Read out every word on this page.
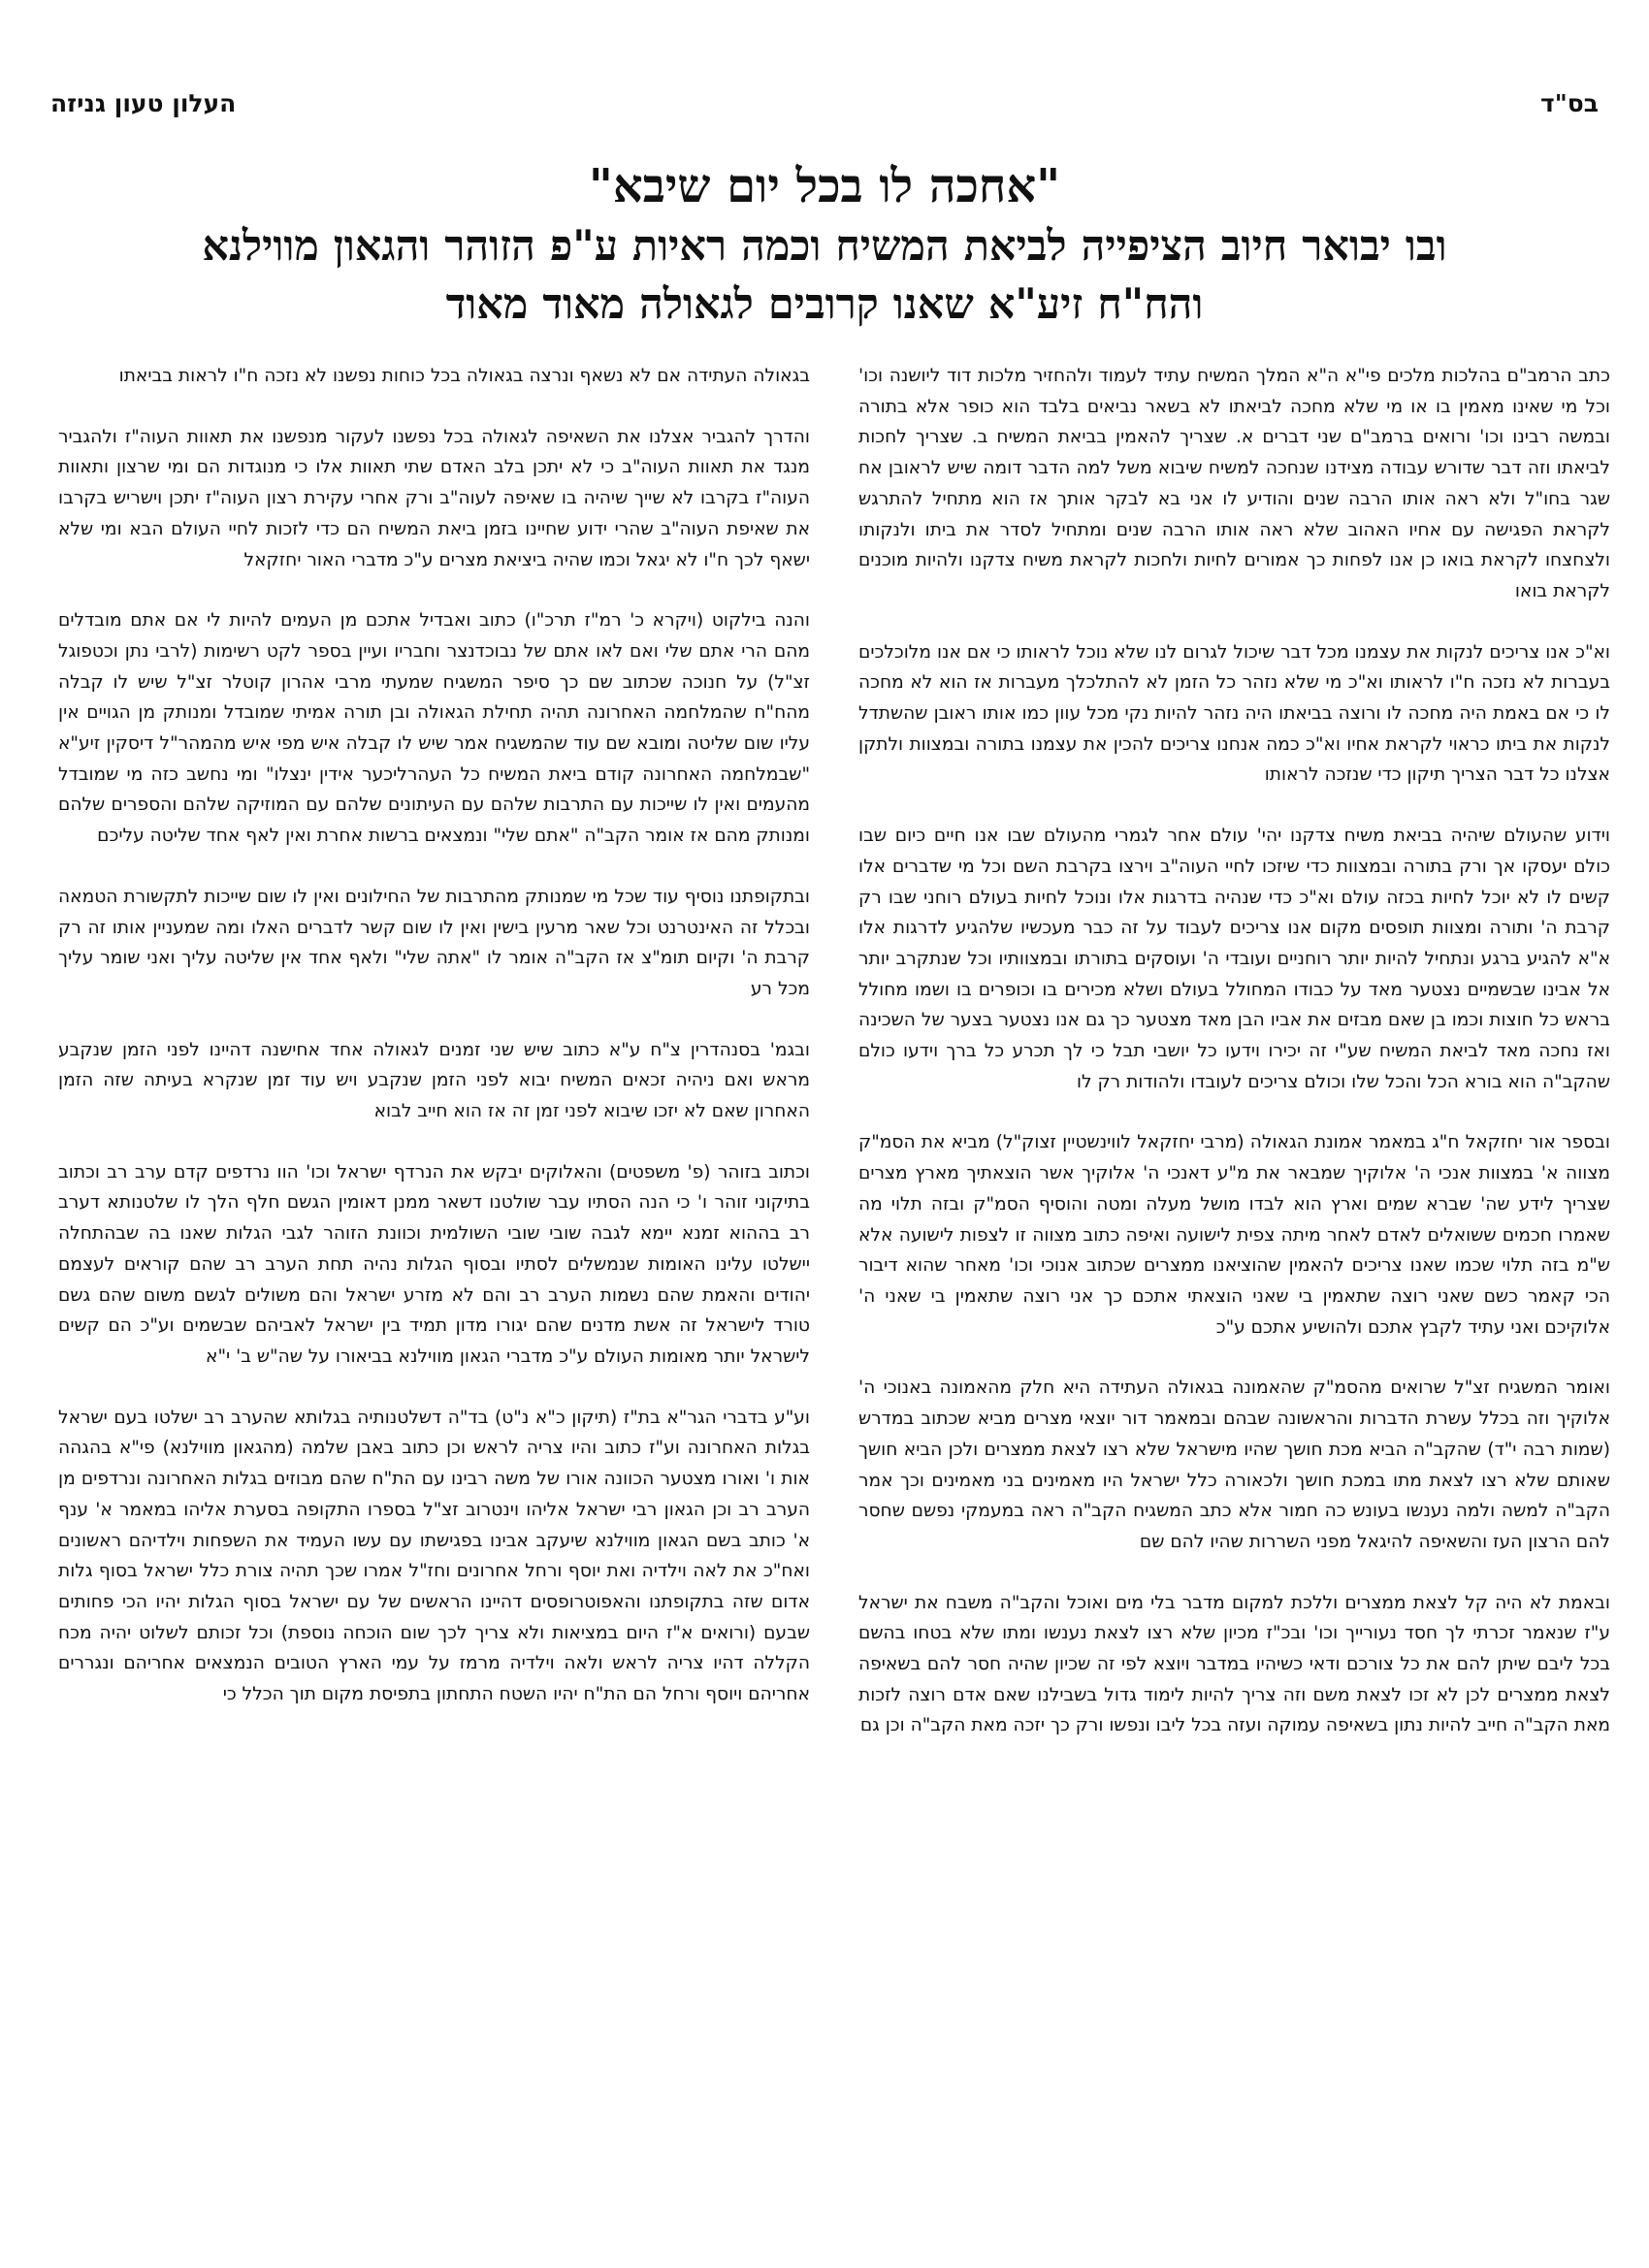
בס"ד
העלון טעון גניזה
"אחכה לו בכל יום שיבא"
ובו יבואר חיוב הציפייה לביאת המשיח וכמה ראיות ע"פ הזוהר והגאון מווילנא
והח"ח זיע"א שאנו קרובים לגאולה מאוד מאוד

כתב הרמב"ם בהלכות מלכים פי"א ה"א המלך המשיח עתיד לעמוד ולהחזיר מלכות דוד ליושנה וכו' וכל מי שאינו מאמין בו או מי שלא מחכה לביאתו לא בשאר נביאים בלבד הוא כופר אלא בתורה ובמשה רבינו וכו' ורואים ברמב"ם שני דברים א. שצריך להאמין בביאת המשיח ב. שצריך לחכות לביאתו וזה דבר שדורש עבודה מצידנו שנחכה למשיח שיבוא משל למה הדבר דומה שיש לראובן אח שגר בחו"ל ולא ראה אותו הרבה שנים והודיע לו אני בא לבקר אותך אז הוא מתחיל להתרגש לקראת הפגישה עם אחיו האהוב שלא ראה אותו הרבה שנים ומתחיל לסדר את ביתו ולנקותו ולצחצחו לקראת בואו כן אנו לפחות כך אמורים לחיות ולחכות לקראת משיח צדקנו ולהיות מוכנים לקראת בואו

וא"כ אנו צריכים לנקות את עצמנו מכל דבר שיכול לגרום לנו שלא נוכל לראותו כי אם אנו מלוכלכים בעברות לא נזכה ח"ו לראותו וא"כ מי שלא נזהר כל הזמן לא להתלכלך מעברות אז הוא לא מחכה לו כי אם באמת היה מחכה לו ורוצה בביאתו היה נזהר להיות נקי מכל עוון כמו אותו ראובן שהשתדל לנקות את ביתו כראוי לקראת אחיו וא"כ כמה אנחנו צריכים להכין את עצמנו בתורה ובמצוות ולתקן אצלנו כל דבר הצריך תיקון כדי שנזכה לראותו

וידוע שהעולם שיהיה בביאת משיח צדקנו יהי' עולם אחר לגמרי מהעולם שבו אנו חיים כיום שבו כולם יעסקו אך ורק בתורה ובמצוות כדי שיזכו לחיי העוה"ב וירצו בקרבת השם וכל מי שדברים אלו קשים לו לא יוכל לחיות בכזה עולם וא"כ כדי שנהיה בדרגות אלו ונוכל לחיות בעולם רוחני שבו רק קרבת ה' ותורה ומצוות תופסים מקום אנו צריכים לעבוד על זה כבר מעכשיו שלהגיע לדרגות אלו א"א להגיע ברגע ונתחיל להיות יותר רוחניים ועובדי ה' ועוסקים בתורתו ובמצוותיו וכל שנתקרב יותר אל אבינו שבשמיים נצטער מאד על כבודו המחולל בעולם ושלא מכירים בו וכופרים בו ושמו מחולל בראש כל חוצות וכמו בן שאם מבזים את אביו הבן מאד מצטער כך גם אנו נצטער בצער של השכינה ואז נחכה מאד לביאת המשיח שע"י זה יכירו וידעו כל יושבי תבל כי לך תכרע כל ברך וידעו כולם שהקב"ה הוא בורא הכל והכל שלו וכולם צריכים לעובדו ולהודות רק לו

ובספר אור יחזקאל ח"ג במאמר אמונת הגאולה (מרבי יחזקאל לווינשטיין זצוק"ל) מביא את הסמ"ק מצווה א' במצוות אנכי ה' אלוקיך שמבאר את מ"ע דאנכי ה' אלוקיך אשר הוצאתיך מארץ מצרים שצריך לידע שה' שברא שמים וארץ הוא לבדו מושל מעלה ומטה והוסיף הסמ"ק ובזה תלוי מה שאמרו חכמים ששואלים לאדם לאחר מיתה צפית לישועה ואיפה כתוב מצווה זו לצפות לישועה אלא ש"מ בזה תלוי שכמו שאנו צריכים להאמין שהוציאנו ממצרים שכתוב אנוכי וכו' מאחר שהוא דיבור הכי קאמר כשם שאני רוצה שתאמין בי שאני הוצאתי אתכם כך אני רוצה שתאמין בי שאני ה' אלוקיכם ואני עתיד לקבץ אתכם ולהושיע אתכם ע"כ

ואומר המשגיח זצ"ל שרואים מהסמ"ק שהאמונה בגאולה העתידה היא חלק מהאמונה באנוכי ה' אלוקיך וזה בכלל עשרת הדברות והראשונה שבהם ובמאמר דור יוצאי מצרים מביא שכתוב במדרש (שמות רבה י"ד) שהקב"ה הביא מכת חושך שהיו מישראל שלא רצו לצאת ממצרים ולכן הביא חושך שאותם שלא רצו לצאת מתו במכת חושך ולכאורה כלל ישראל היו מאמינים בני מאמינים וכך אמר הקב"ה למשה ולמה נענשו בעונש כה חמור אלא כתב המשגיח הקב"ה ראה במעמקי נפשם שחסר להם הרצון העז והשאיפה להיגאל מפני השררות שהיו להם שם

ובאמת לא היה קל לצאת ממצרים וללכת למקום מדבר בלי מים ואוכל והקב"ה משבח את ישראל ע"ז שנאמר זכרתי לך חסד נעורייך וכו' ובכ"ז מכיון שלא רצו לצאת נענשו ומתו שלא בטחו בהשם בכל ליבם שיתן להם את כל צורכם ודאי כשיהיו במדבר ויוצא לפי זה שכיון שהיה חסר להם בשאיפה לצאת ממצרים לכן לא זכו לצאת משם וזה צריך להיות לימוד גדול בשבילנו שאם אדם רוצה לזכות מאת הקב"ה חייב להיות נתון בשאיפה עמוקה ועזה בכל ליבו ונפשו ורק כך יזכה מאת הקב"ה וכן גם

בגאולה העתידה אם לא נשאף ונרצה בגאולה בכל כוחות נפשנו לא נזכה ח"ו לראות בביאתו

והדרך להגביר אצלנו את השאיפה לגאולה בכל נפשנו לעקור מנפשנו את תאוות העוה"ז ולהגביר מנגד את תאוות העוה"ב כי לא יתכן בלב האדם שתי תאוות אלו כי מנוגדות הם ומי שרצון ותאוות העוה"ז בקרבו לא שייך שיהיה בו שאיפה לעוה"ב ורק אחרי עקירת רצון העוה"ז יתכן וישריש בקרבו את שאיפת העוה"ב שהרי ידוע שחיינו בזמן ביאת המשיח הם כדי לזכות לחיי העולם הבא ומי שלא ישאף לכך ח"ו לא יגאל וכמו שהיה ביציאת מצרים ע"כ מדברי האור יחזקאל

והנה בילקוט (ויקרא כ' רמ"ז תרכ"ו) כתוב ואבדיל אתכם מן העמים להיות לי אם אתם מובדלים מהם הרי אתם שלי ואם לאו אתם של נבוכדנצר וחבריו ועיין בספר לקט רשימות (לרבי נתן וכטפוגל זצ"ל) על חנוכה שכתוב שם כך סיפר המשגיח שמעתי מרבי אהרון קוטלר זצ"ל שיש לו קבלה מהח"ח שהמלחמה האחרונה תהיה תחילת הגאולה ובן תורה אמיתי שמובדל ומנותק מן הגויים אין עליו שום שליטה ומובא שם עוד שהמשגיח אמר שיש לו קבלה איש מפי איש מהמהר"ל דיסקין זיע"א "שבמלחמה האחרונה קודם ביאת המשיח כל העהרליכער אידין ינצלו" ומי נחשב כזה מי שמובדל מהעמים ואין לו שייכות עם התרבות שלהם עם העיתונים שלהם עם המוזיקה שלהם והספרים שלהם ומנותק מהם אז אומר הקב"ה "אתם שלי" ונמצאים ברשות אחרת ואין לאף אחד שליטה עליכם

ובתקופתנו נוסיף עוד שכל מי שמנותק מהתרבות של החילונים ואין לו שום שייכות לתקשורת הטמאה ובכלל זה האינטרנט וכל שאר מרעין בישין ואין לו שום קשר לדברים האלו ומה שמעניין אותו זה רק קרבת ה' וקיום תומ"צ אז הקב"ה אומר לו "אתה שלי" ולאף אחד אין שליטה עליך ואני שומר עליך מכל רע

ובגמ' בסנהדרין צ"ח ע"א כתוב שיש שני זמנים לגאולה אחד אחישנה דהיינו לפני הזמן שנקבע מראש ואם ניהיה זכאים המשיח יבוא לפני הזמן שנקבע ויש עוד זמן שנקרא בעיתה שזה הזמן האחרון שאם לא יזכו שיבוא לפני זמן זה אז הוא חייב לבוא

וכתוב בזוהר (פ' משפטים) והאלוקים יבקש את הנרדף ישראל וכו' הוו נרדפים קדם ערב רב וכתוב בתיקוני זוהר ו' כי הנה הסתיו עבר שולטנו דשאר ממנן דאומין הגשם חלף הלך לו שלטנותא דערב רב בההוא זמנא יימא לגבה שובי שובי השולמית וכוונת הזוהר לגבי הגלות שאנו בה שבהתחלה יישלטו עלינו האומות שנמשלים לסתיו ובסוף הגלות נהיה תחת הערב רב שהם קוראים לעצמם יהודים והאמת שהם נשמות הערב רב והם לא מזרע ישראל והם משולים לגשם משום שהם גשם טורד לישראל זה אשת מדנים שהם יגורו מדון תמיד בין ישראל לאביהם שבשמים וע"כ הם קשים לישראל יותר מאומות העולם ע"כ מדברי הגאון מווילנא בביאורו על שה"ש ב' י"א

וע"ע בדברי הגר"א בת"ז (תיקון כ"א נ"ט) בד"ה דשלטנותיה בגלותא שהערב רב ישלטו בעם ישראל בגלות האחרונה וע"ז כתוב והיו צריה לראש וכן כתוב באבן שלמה (מהגאון מווילנא) פי"א בהגהה אות ו' ואורו מצטער הכוונה אורו של משה רבינו עם הת"ח שהם מבוזים בגלות האחרונה ונרדפים מן הערב רב וכן הגאון רבי ישראל אליהו וינטרוב זצ"ל בספרו התקופה בסערת אליהו במאמר א' ענף א' כותב בשם הגאון מווילנא שיעקב אבינו בפגישתו עם עשו העמיד את השפחות וילדיהם ראשונים ואח"כ את לאה וילדיה ואת יוסף ורחל אחרונים וחז"ל אמרו שכך תהיה צורת כלל ישראל בסוף גלות אדום שזה בתקופתנו והאפוטרופסים דהיינו הראשים של עם ישראל בסוף הגלות יהיו הכי פחותים שבעם (ורואים א"ז היום במציאות ולא צריך לכך שום הוכחה נוספת) וכל זכותם לשלוט יהיה מכח הקללה דהיו צריה לראש ולאה וילדיה מרמז על עמי הארץ הטובים הנמצאים אחריהם ונגררים אחריהם ויוסף ורחל הם הת"ח יהיו השטח התחתון בתפיסת מקום תוך הכלל כי
